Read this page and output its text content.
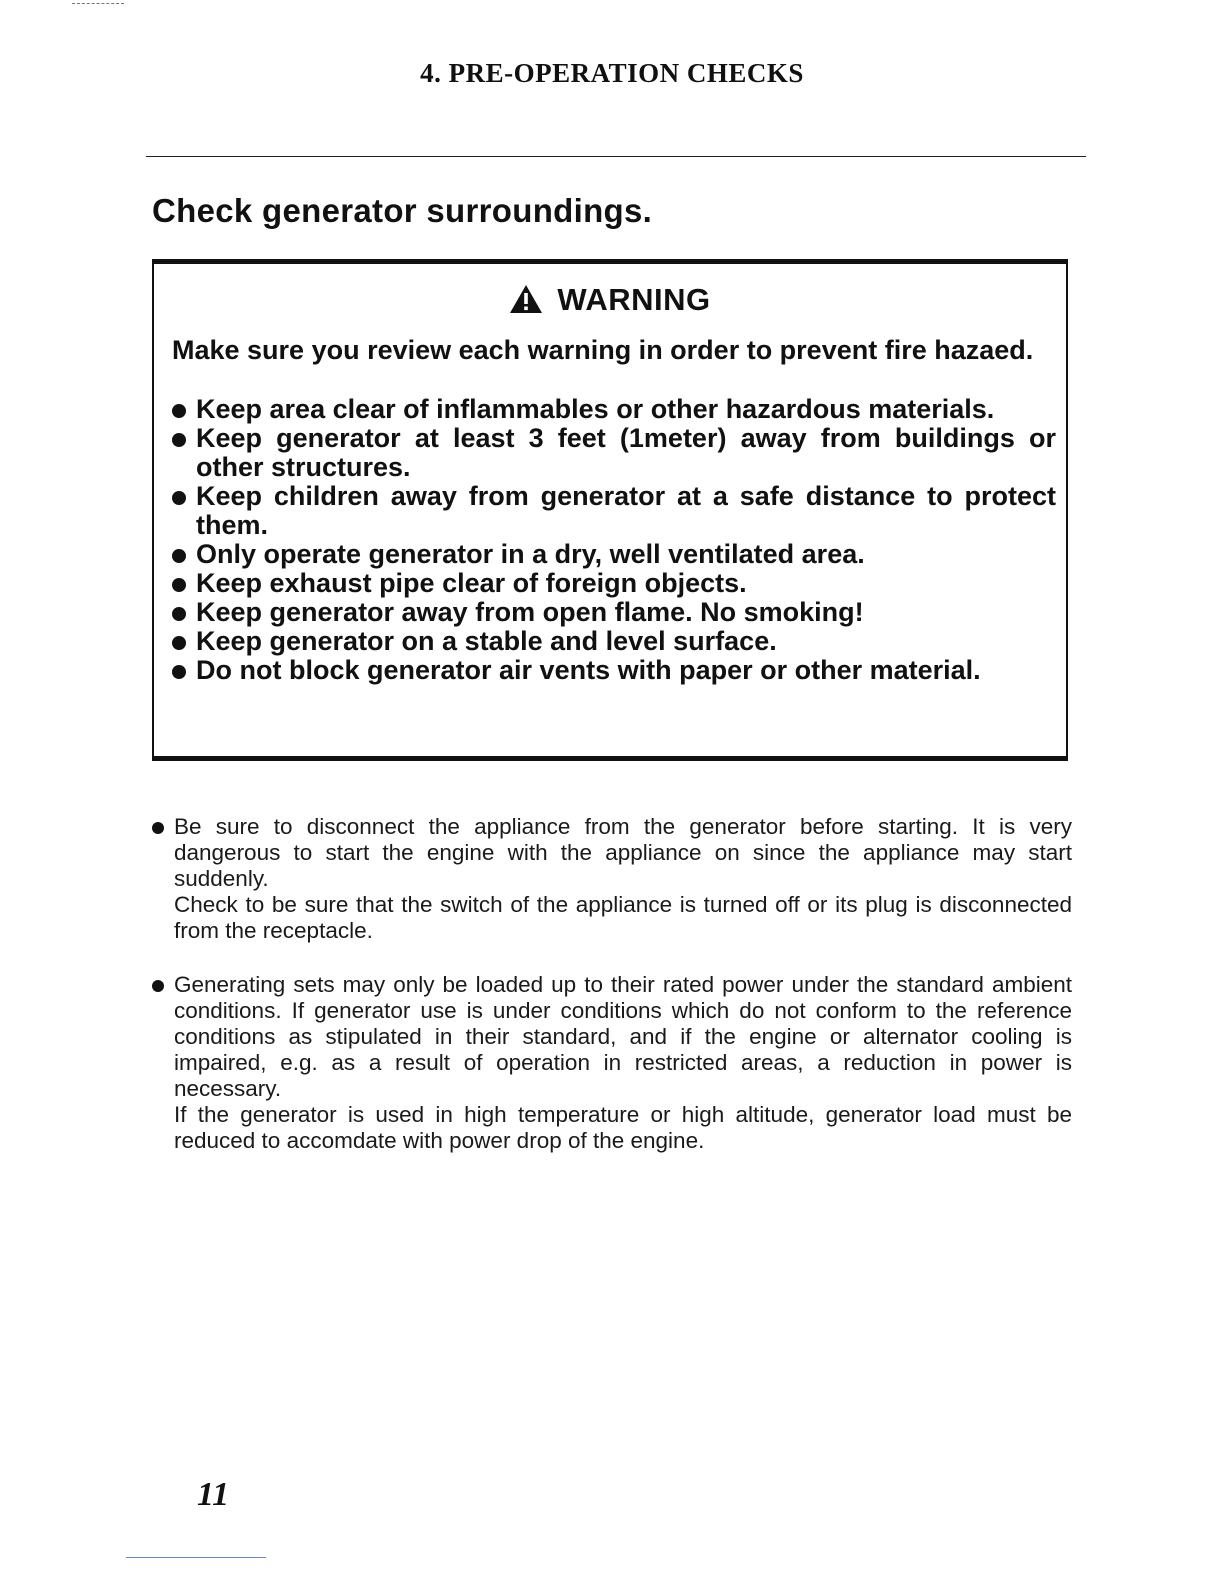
4. PRE-OPERATION CHECKS
Check generator surroundings.
WARNING
Make sure you review each warning in order to prevent fire hazaed.
Keep area clear of inflammables or other hazardous materials.
Keep generator at least 3 feet (1meter) away from buildings or other structures.
Keep children away from generator at a safe distance to protect them.
Only operate generator in a dry, well ventilated area.
Keep exhaust pipe clear of foreign objects.
Keep generator away from open flame. No smoking!
Keep generator on a stable and level surface.
Do not block generator air vents with paper or other material.

Be sure to disconnect the appliance from the generator before starting. It is very dangerous to start the engine with the appliance on since the appliance may start suddenly.

Check to be sure that the switch of the appliance is turned off or its plug is disconnected from the receptacle.

Generating sets may only be loaded up to their rated power under the standard ambient conditions. If generator use is under conditions which do not conform to the reference conditions as stipulated in their standard, and if the engine or alternator cooling is impaired, e.g. as a result of operation in restricted areas, a reduction in power is necessary.

If the generator is used in high temperature or high altitude, generator load must be reduced to accomdate with power drop of the engine.

11
